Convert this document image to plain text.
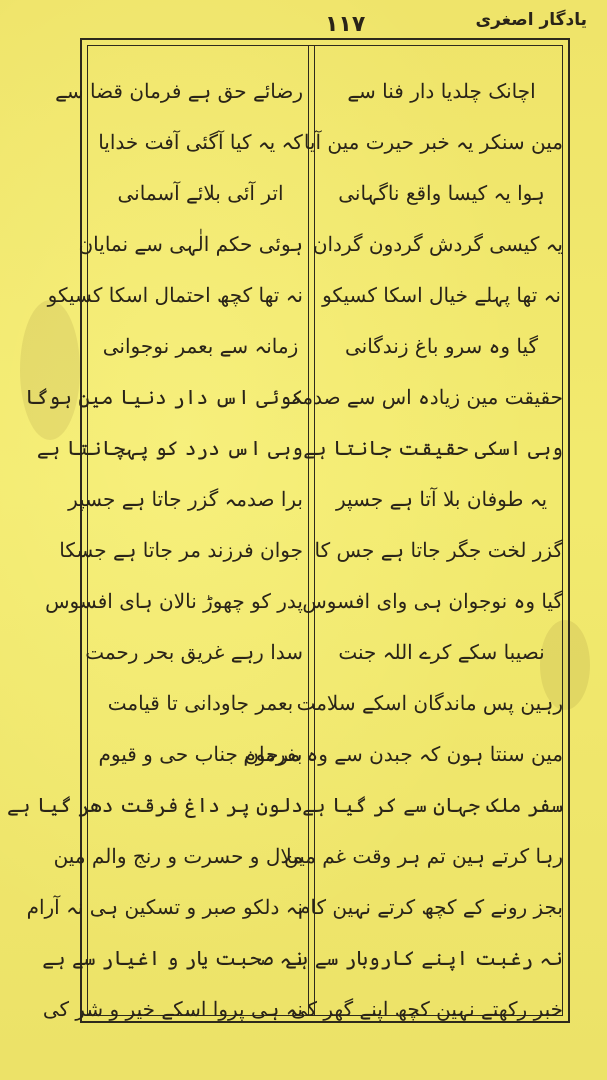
۱۱۷	یادگار اصغری
اچانک چلدیا دار فنا سے
مین سنکر یہ خبر حیرت مین آیا
ہوا یہ کیسا واقع ناگہانی
یہ کیسی گردش گردون گردان
نہ تھا پہلے خیال اسکا کسیکو
گیا وہ سرو باغ زندگانی
حقیقت مین زیادہ اس سے صدمہ
وہی اسکی حقیقت جانتا ہے
یہ طوفان بلا آتا ہے جسپر
گزر لخت جگر جاتا ہے جس کا
گیا وہ نوجوان ہی وای افسوس
نصیبا سکے کرے اللہ جنت
رہین پس ماندگان اسکے سلامت
مین سنتا ہون کہ جبدن سے وہ مرحوم
سفر ملک جہان سے کر گیا ہے
رہا کرتے ہین تم ہر وقت غم مین
بجز رونے کے کچھ کرتے نہین کام
نہ رغبت اپنے کاروبار سے ہے
خبر رکھتے نہین کچھ اپنے گھر کی
رضائے حق ہے فرمان قضا سے
کہ یہ کیا آگئی آفت خدایا
اتر آئی بلائے آسمانی
ہوئی حکم الٰہی سے نمایان
نہ تھا کچھ احتمال اسکا کسیکو
زمانہ سے بعمر نوجوانی
کوئی اس دار دنیا مین ہوگا
وہی اس درد کو پہچانتا ہے
برا صدمہ گزر جاتا ہے جسپر
جوان فرزند مر جاتا ہے جسکا
پدر کو چھوڑ نالان ہای افسوس
سدا رہے غریق بحر رحمت
بعمر جاودانی تا قیامت
بفرمان جناب حی و قیوم
دلون پر داغ فرقت دھر گیا ہے
ملال و حسرت و رنج والم مین
نہ دلکو صبر و تسکین ہی نہ آرام
نہ صحبت یار و اغیار سے ہے
نہ ہی پروا اسکے خیر و شر کی
